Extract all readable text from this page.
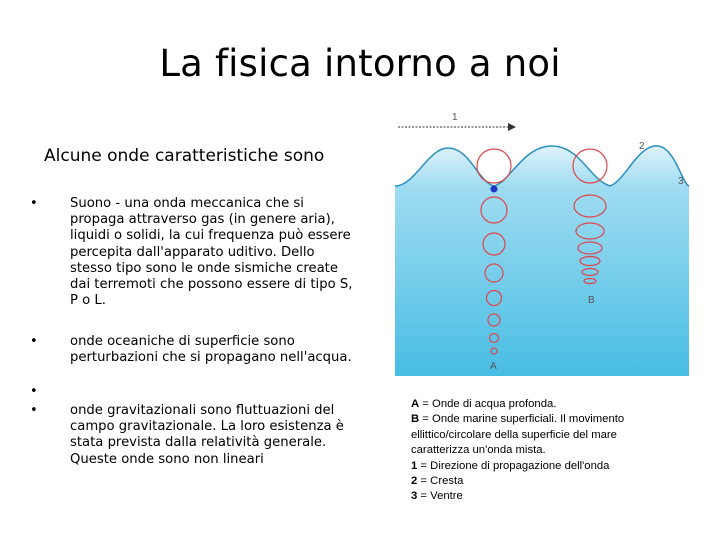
La fisica intorno a noi
Alcune onde caratteristiche sono
• Suono - una onda meccanica che si propaga attraverso gas (in genere aria), liquidi o solidi, la cui frequenza può essere percepita dall'apparato uditivo. Dello stesso tipo sono le onde sismiche create dai terremoti che possono essere di tipo S, P o L.
• onde oceaniche di superficie sono perturbazioni che si propagano nell'acqua.
•
• onde gravitazionali sono fluttuazioni del campo gravitazionale. La loro esistenza è stata prevista dalla relatività generale. Queste onde sono non lineari
1
2
3
B
A
A = Onde di acqua profonda.
B = Onde marine superficiali. Il movimento ellittico/circolare della superficie del mare caratterizza un'onda mista.
1 = Direzione di propagazione dell'onda
2 = Cresta
3 = Ventre
